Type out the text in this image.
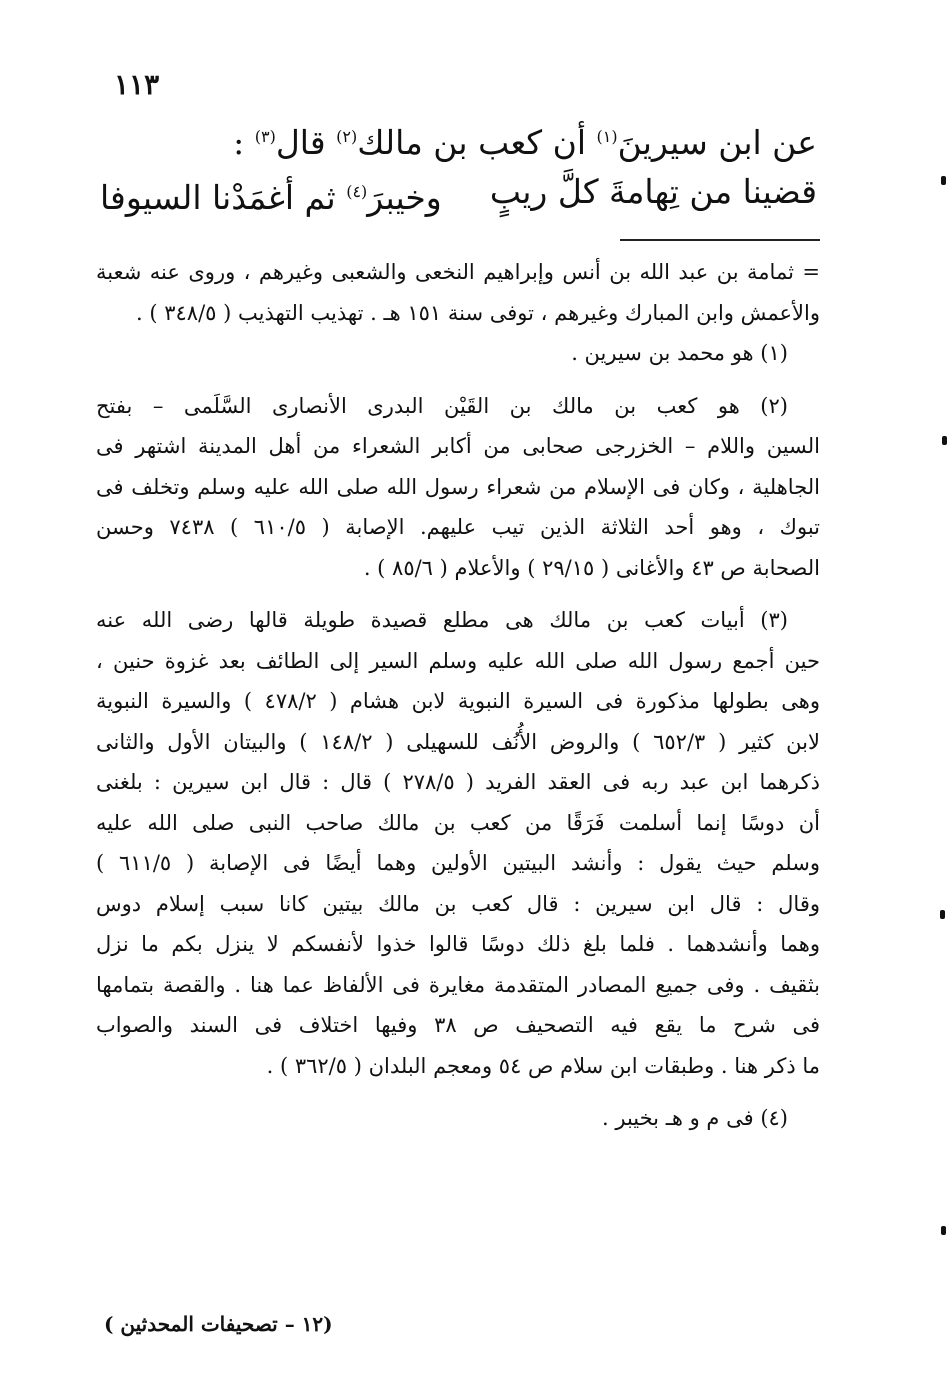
١١٣
عن ابن سيرينَ$^{(١)}$ أن كعب بن مالك$^{(٢)}$ قال$^{(٣)}$ :
قضينا من تِهامةَ كلَّ ريبٍ
وخيبرَ$^{(٤)}$ ثم أغمَدْنا السيوفا
= ثمامة بن عبد الله بن أنس وإبراهيم النخعى والشعبى وغيرهم ، وروى عنه شعبة
والأعمش وابن المبارك وغيرهم ، توفى سنة ١٥١ هـ . تهذيب التهذيب ( ٣٤٨/٥ ) .
(١) هو محمد بن سيرين .
(٢) هو كعب بن مالك بن القَيْن البدرى الأنصارى السَّلَمى – بفتح
السين واللام – الخزرجى صحابى من أكابر الشعراء من أهل المدينة اشتهر فى
الجاهلية ، وكان فى الإسلام من شعراء رسول الله صلى الله عليه وسلم وتخلف فى
تبوك ، وهو أحد الثلاثة الذين تيب عليهم. الإصابة ( ٦١٠/٥ ) ٧٤٣٨ وحسن
الصحابة ص ٤٣ والأغانى ( ٢٩/١٥ ) والأعلام ( ٨٥/٦ ) .
(٣) أبيات كعب بن مالك هى مطلع قصيدة طويلة قالها رضى الله عنه
حين أجمع رسول الله صلى الله عليه وسلم السير إلى الطائف بعد غزوة حنين ،
وهى بطولها مذكورة فى السيرة النبوية لابن هشام ( ٤٧٨/٢ ) والسيرة النبوية
لابن كثير ( ٦٥٢/٣ ) والروض الأُنُف للسهيلى ( ١٤٨/٢ ) والبيتان الأول والثانى
ذكرهما ابن عبد ربه فى العقد الفريد ( ٢٧٨/٥ ) قال : قال ابن سيرين : بلغنى
أن دوسًا إنما أسلمت فَرَقًا من كعب بن مالك صاحب النبى صلى الله عليه
وسلم حيث يقول : وأنشد البيتين الأولين وهما أيضًا فى الإصابة ( ٦١١/٥ )
وقال : قال ابن سيرين : قال كعب بن مالك بيتين كانا سبب إسلام دوس
وهما وأنشدهما . فلما بلغ ذلك دوسًا قالوا خذوا لأنفسكم لا ينزل بكم ما نزل
بثقيف . وفى جميع المصادر المتقدمة مغايرة فى الألفاظ عما هنا . والقصة بتمامها
فى شرح ما يقع فيه التصحيف ص ٣٨ وفيها اختلاف فى السند والصواب
ما ذكر هنا . وطبقات ابن سلام ص ٥٤ ومعجم البلدان ( ٣٦٢/٥ ) .
(٤) فى م و هـ بخيبر .
(١٢ – تصحيفات المحدثين )
